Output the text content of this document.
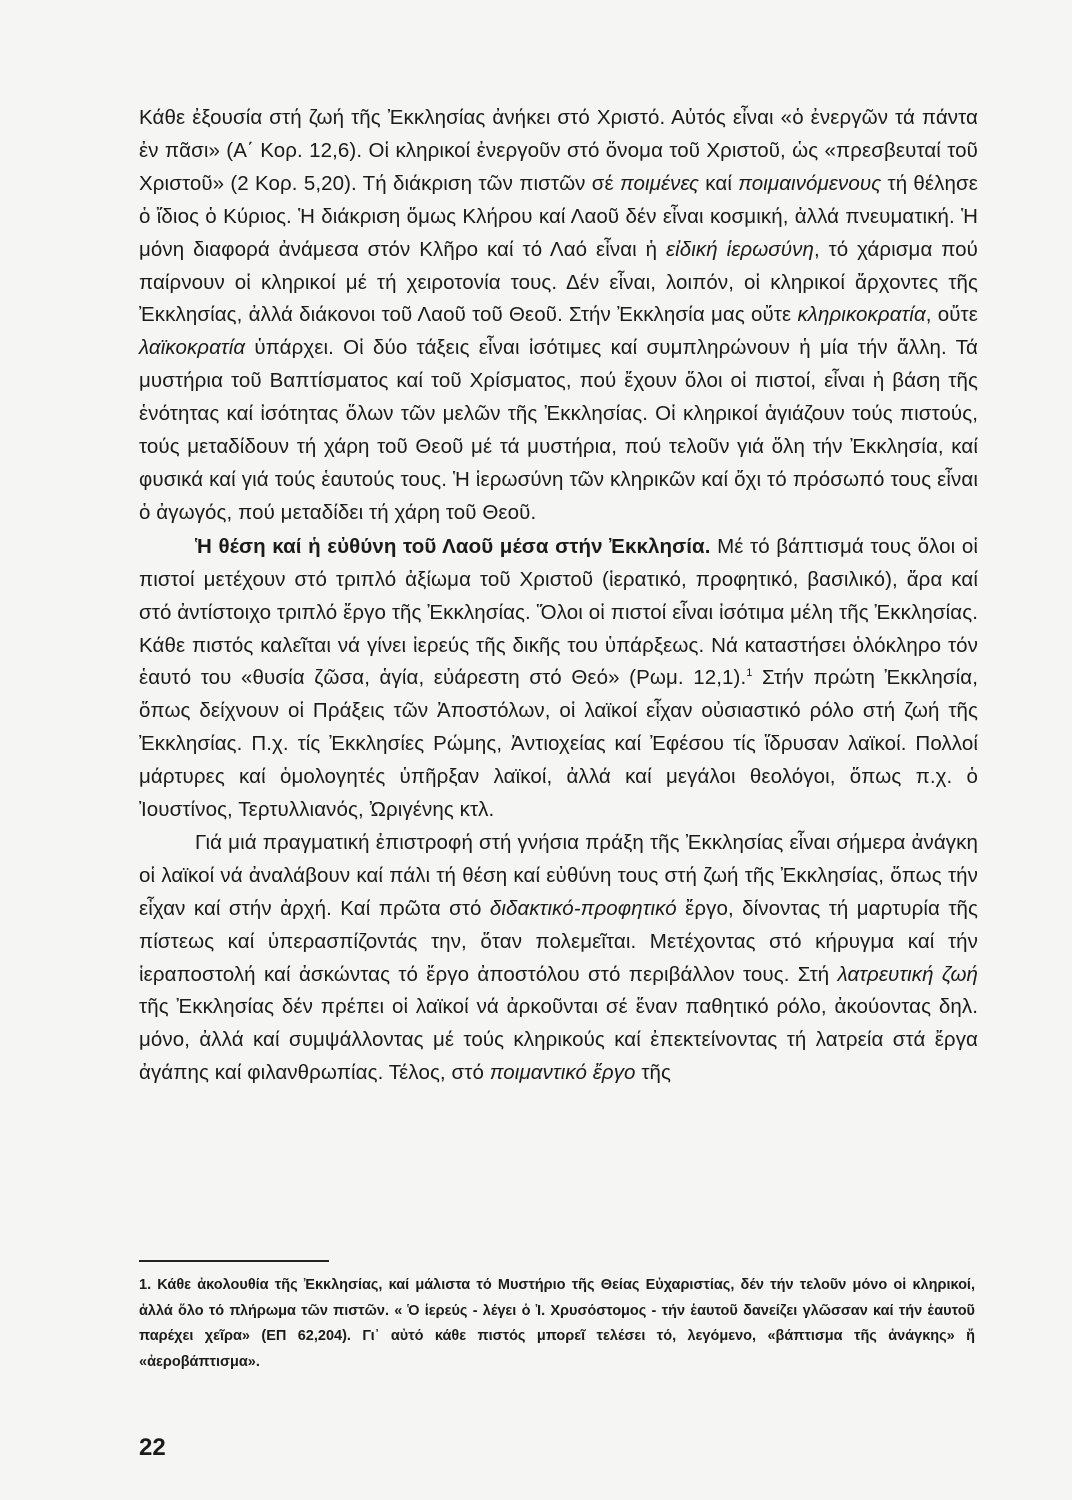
Κάθε ἐξουσία στή ζωή τῆς Ἐκκλησίας ἀνήκει στό Χριστό. Αὐτός εἶναι «ὁ ἐνεργῶν τά πάντα ἐν πᾶσι» (Α΄ Κορ. 12,6). Οἱ κληρικοί ἐνεργοῦν στό ὄνομα τοῦ Χριστοῦ, ὡς «πρεσβευταί τοῦ Χριστοῦ» (2 Κορ. 5,20). Τή διάκριση τῶν πιστῶν σέ ποιμένες καί ποιμαινόμενους τή θέλησε ὁ ἴδιος ὁ Κύριος. Ἡ διάκριση ὅμως Κλήρου καί Λαοῦ δέν εἶναι κοσμική, ἀλλά πνευματική. Ἡ μόνη διαφορά ἀνάμεσα στόν Κλῆρο καί τό Λαό εἶναι ἡ εἰδική ἱερωσύνη, τό χάρισμα πού παίρνουν οἱ κληρικοί μέ τή χειροτονία τους. Δέν εἶναι, λοιπόν, οἱ κληρικοί ἄρχοντες τῆς Ἐκκλησίας, ἀλλά διάκονοι τοῦ Λαοῦ τοῦ Θεοῦ. Στήν Ἐκκλησία μας οὔτε κληρικοκρατία, οὔτε λαϊκοκρατία ὑπάρχει. Οἱ δύο τάξεις εἶναι ἰσότιμες καί συμπληρώνουν ἡ μία τήν ἄλλη. Τά μυστήρια τοῦ Βαπτίσματος καί τοῦ Χρίσματος, πού ἔχουν ὅλοι οἱ πιστοί, εἶναι ἡ βάση τῆς ἑνότητας καί ἰσότητας ὅλων τῶν μελῶν τῆς Ἐκκλησίας. Οἱ κληρικοί ἁγιάζουν τούς πιστούς, τούς μεταδίδουν τή χάρη τοῦ Θεοῦ μέ τά μυστήρια, πού τελοῦν γιά ὅλη τήν Ἐκκλησία, καί φυσικά καί γιά τούς ἑαυτούς τους. Ἡ ἱερωσύνη τῶν κληρικῶν καί ὄχι τό πρόσωπό τους εἶναι ὁ ἀγωγός, πού μεταδίδει τή χάρη τοῦ Θεοῦ.

Ἡ θέση καί ἡ εὐθύνη τοῦ Λαοῦ μέσα στήν Ἐκκλησία. Μέ τό βάπτισμά τους ὅλοι οἱ πιστοί μετέχουν στό τριπλό ἀξίωμα τοῦ Χριστοῦ (ἱερατικό, προφητικό, βασιλικό), ἄρα καί στό ἀντίστοιχο τριπλό ἔργο τῆς Ἐκκλησίας. Ὅλοι οἱ πιστοί εἶναι ἰσότιμα μέλη τῆς Ἐκκλησίας. Κάθε πιστός καλεῖται νά γίνει ἱερεύς τῆς δικῆς του ὑπάρξεως. Νά καταστήσει ὁλόκληρο τόν ἑαυτό του «θυσία ζῶσα, ἁγία, εὐάρεστη στό Θεό» (Ρωμ. 12,1).$^1$ Στήν πρώτη Ἐκκλησία, ὅπως δείχνουν οἱ Πράξεις τῶν Ἀποστόλων, οἱ λαϊκοί εἶχαν οὐσιαστικό ρόλο στή ζωή τῆς Ἐκκλησίας. Π.χ. τίς Ἐκκλησίες Ρώμης, Ἀντιοχείας καί Ἐφέσου τίς ἵδρυσαν λαϊκοί. Πολλοί μάρτυρες καί ὁμολογητές ὑπῆρξαν λαϊκοί, ἀλλά καί μεγάλοι θεολόγοι, ὅπως π.χ. ὁ Ἰουστίνος, Τερτυλλιανός, Ὠριγένης κτλ.

Γιά μιά πραγματική ἐπιστροφή στή γνήσια πράξη τῆς Ἐκκλησίας εἶναι σήμερα ἀνάγκη οἱ λαϊκοί νά ἀναλάβουν καί πάλι τή θέση καί εὐθύνη τους στή ζωή τῆς Ἐκκλησίας, ὅπως τήν εἶχαν καί στήν ἀρχή. Καί πρῶτα στό διδακτικό-προφητικό ἔργο, δίνοντας τή μαρτυρία τῆς πίστεως καί ὑπερασπίζοντάς την, ὅταν πολεμεῖται. Μετέχοντας στό κήρυγμα καί τήν ἱεραποστολή καί ἀσκώντας τό ἔργο ἀποστόλου στό περιβάλλον τους. Στή λατρευτική ζωή τῆς Ἐκκλησίας δέν πρέπει οἱ λαϊκοί νά ἀρκοῦνται σέ ἕναν παθητικό ρόλο, ἀκούοντας δηλ. μόνο, ἀλλά καί συμψάλλοντας μέ τούς κληρικούς καί ἐπεκτείνοντας τή λατρεία στά ἔργα ἀγάπης καί φιλανθρωπίας. Τέλος, στό ποιμαντικό ἔργο τῆς

1. Κάθε ἀκολουθία τῆς Ἐκκλησίας, καί μάλιστα τό Μυστήριο τῆς Θείας Εὐχαριστίας, δέν τήν τελοῦν μόνο οἱ κληρικοί, ἀλλά ὅλο τό πλήρωμα τῶν πιστῶν. « Ὁ ἱερεύς - λέγει ὁ Ἰ. Χρυσόστομος - τήν ἑαυτοῦ δανείζει γλῶσσαν καί τήν ἑαυτοῦ παρέχει χεῖρα» (ΕΠ 62,204). Γι᾿ αὐτό κάθε πιστός μπορεῖ τελέσει τό, λεγόμενο, «βάπτισμα τῆς ἀνάγκης» ἤ «ἀεροβάπτισμα».

22
